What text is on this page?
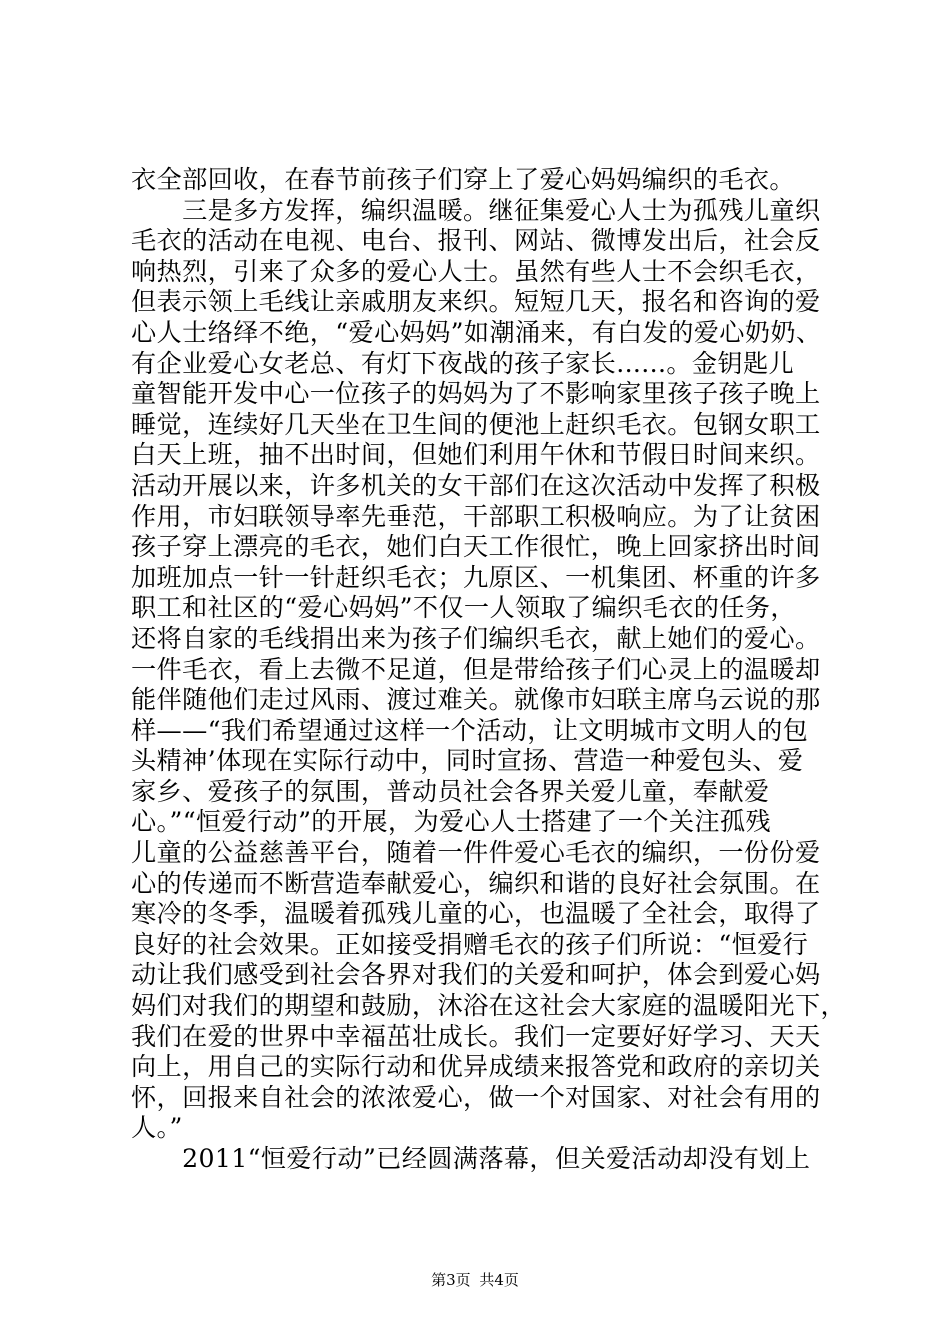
衣全部回收，在春节前孩子们穿上了爱心妈妈编织的毛衣。
　　三是多方发挥，编织温暖。继征集爱心人士为孤残儿童织
毛衣的活动在电视、电台、报刊、网站、微博发出后，社会反
响热烈，引来了众多的爱心人士。虽然有些人士不会织毛衣，
但表示领上毛线让亲戚朋友来织。短短几天，报名和咨询的爱
心人士络绎不绝，“爱心妈妈”如潮涌来，有白发的爱心奶奶、
有企业爱心女老总、有灯下夜战的孩子家长......。金钥匙儿
童智能开发中心一位孩子的妈妈为了不影响家里孩子孩子晚上
睡觉，连续好几天坐在卫生间的便池上赶织毛衣。包钢女职工
白天上班，抽不出时间，但她们利用午休和节假日时间来织。
活动开展以来，许多机关的女干部们在这次活动中发挥了积极
作用，市妇联领导率先垂范，干部职工积极响应。为了让贫困
孩子穿上漂亮的毛衣，她们白天工作很忙，晚上回家挤出时间
加班加点一针一针赶织毛衣；九原区、一机集团、杯重的许多
职工和社区的“爱心妈妈”不仅一人领取了编织毛衣的任务，
还将自家的毛线捐出来为孩子们编织毛衣，献上她们的爱心。
一件毛衣，看上去微不足道，但是带给孩子们心灵上的温暖却
能伴随他们走过风雨、渡过难关。就像市妇联主席乌云说的那
样——“我们希望通过这样一个活动，让文明城市文明人的包
头精神’体现在实际行动中，同时宣扬、营造一种爱包头、爱
家乡、爱孩子的氛围，普动员社会各界关爱儿童，奉献爱
心。”“恒爱行动”的开展，为爱心人士搭建了一个关注孤残
儿童的公益慈善平台，随着一件件爱心毛衣的编织，一份份爱
心的传递而不断营造奉献爱心，编织和谐的良好社会氛围。在
寒冷的冬季，温暖着孤残儿童的心，也温暖了全社会，取得了
良好的社会效果。正如接受捐赠毛衣的孩子们所说：“恒爱行
动让我们感受到社会各界对我们的关爱和呵护，体会到爱心妈
妈们对我们的期望和鼓励，沐浴在这社会大家庭的温暖阳光下，
我们在爱的世界中幸福茁壮成长。我们一定要好好学习、天天
向上，用自己的实际行动和优异成绩来报答党和政府的亲切关
怀，回报来自社会的浓浓爱心，做一个对国家、对社会有用的
人。”
　　2011“恒爱行动”已经圆满落幕，但关爱活动却没有划上
第3页 共4页
